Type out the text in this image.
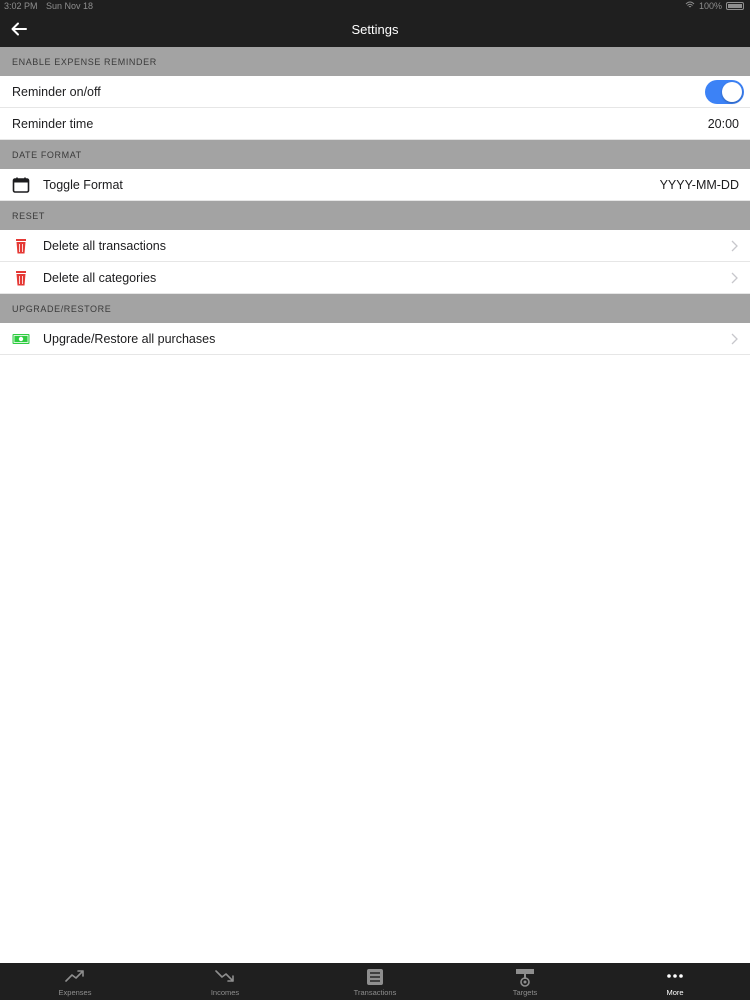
3:02 PM Sun Nov 18	100%
Settings
ENABLE EXPENSE REMINDER
Reminder on/off
Reminder time	20:00
DATE FORMAT
Toggle Format	YYYY-MM-DD
RESET
Delete all transactions
Delete all categories
UPGRADE/RESTORE
Upgrade/Restore all purchases
Expenses	Incomes	Transactions	Targets	More
